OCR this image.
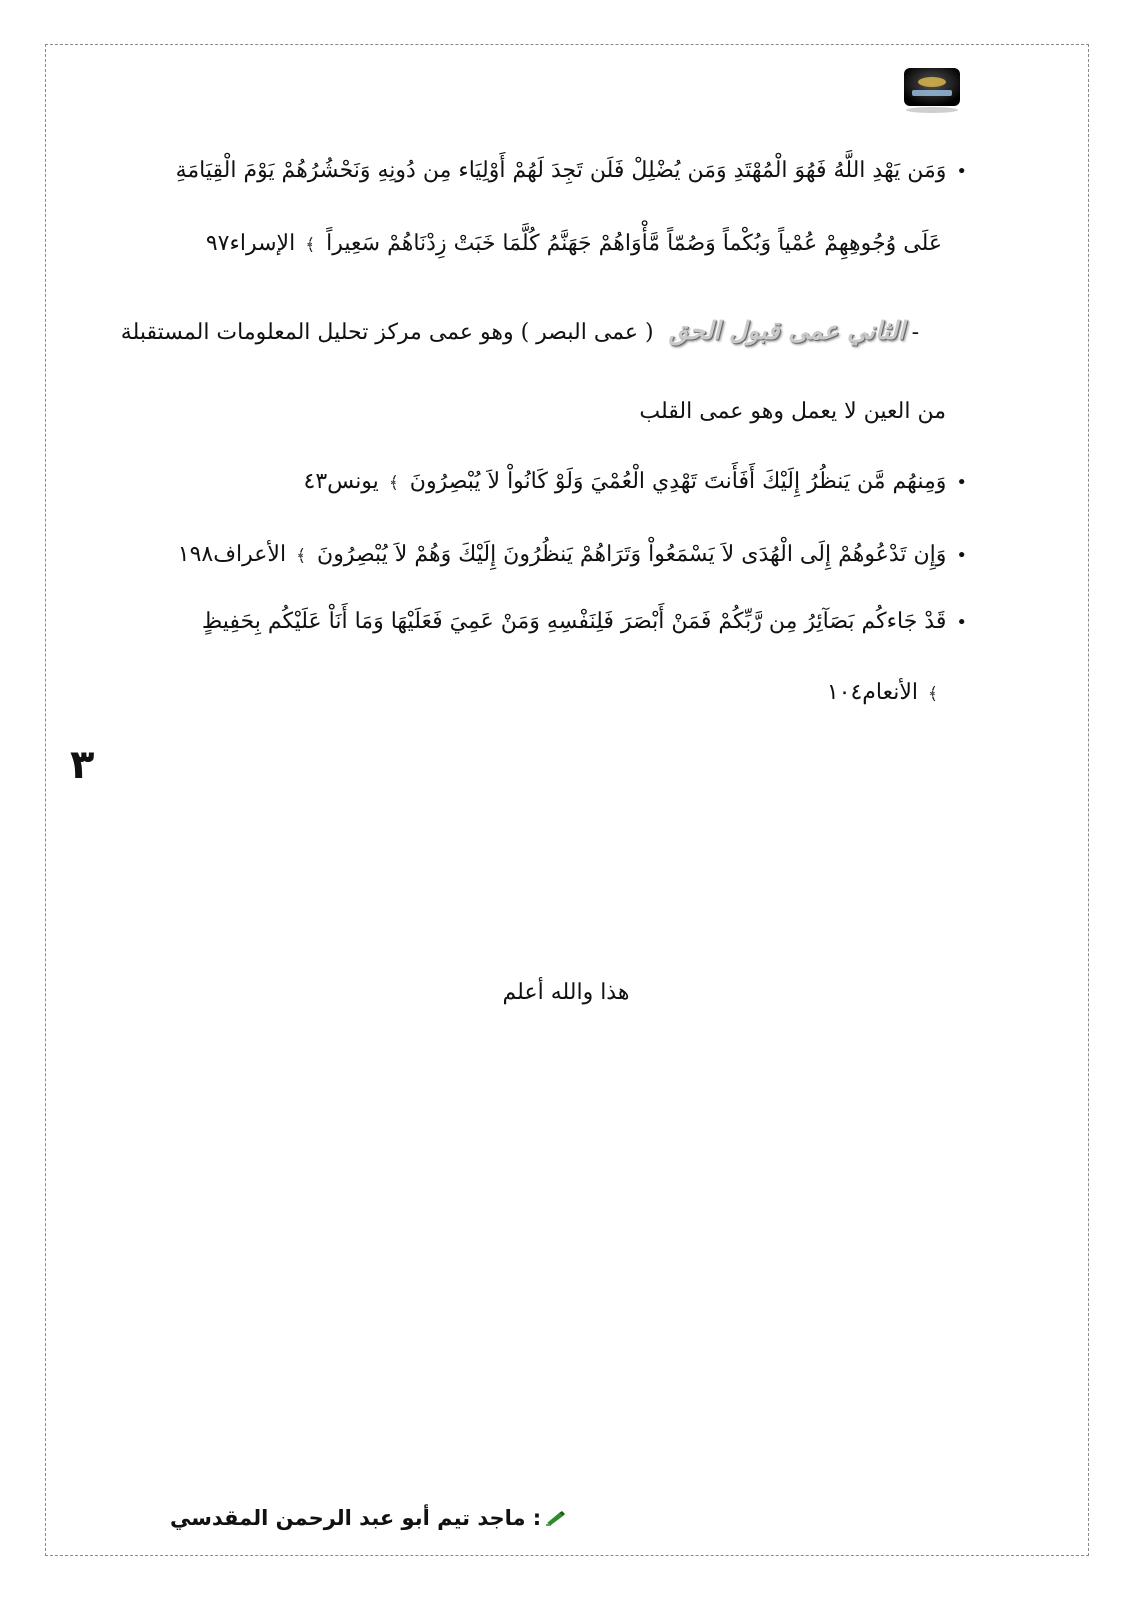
•وَمَن يَهْدِ اللَّهُ فَهُوَ الْمُهْتَدِ وَمَن يُضْلِلْ فَلَن تَجِدَ لَهُمْ أَوْلِيَاء مِن دُونِهِ وَنَحْشُرُهُمْ يَوْمَ الْقِيَامَةِ
عَلَى وُجُوهِهِمْ عُمْياً وَبُكْماً وَصُمّاً مَّأْوَاهُمْ جَهَنَّمُ كُلَّمَا خَبَتْ زِدْنَاهُمْ سَعِيراً ﴾الإسراء٩٧
- الثاني عمى قبول الحق ( عمى البصر ) وهو عمى مركز تحليل المعلومات المستقبلة
من العين لا يعمل وهو عمى القلب
•وَمِنهُم مَّن يَنظُرُ إِلَيْكَ أَفَأَنتَ تَهْدِي الْعُمْيَ وَلَوْ كَانُواْ لاَ يُبْصِرُونَ ﴾يونس٤٣
•وَإِن تَدْعُوهُمْ إِلَى الْهُدَى لاَ يَسْمَعُواْ وَتَرَاهُمْ يَنظُرُونَ إِلَيْكَ وَهُمْ لاَ يُبْصِرُونَ ﴾الأعراف١٩٨
•قَدْ جَاءكُم بَصَآئِرُ مِن رَّبِّكُمْ فَمَنْ أَبْصَرَ فَلِنَفْسِهِ وَمَنْ عَمِيَ فَعَلَيْهَا وَمَا أَنَاْ عَلَيْكُم بِحَفِيظٍ
﴾الأنعام١٠٤
٣
هذا والله أعلم
: ماجد تيم أبو عبد الرحمن المقدسي
